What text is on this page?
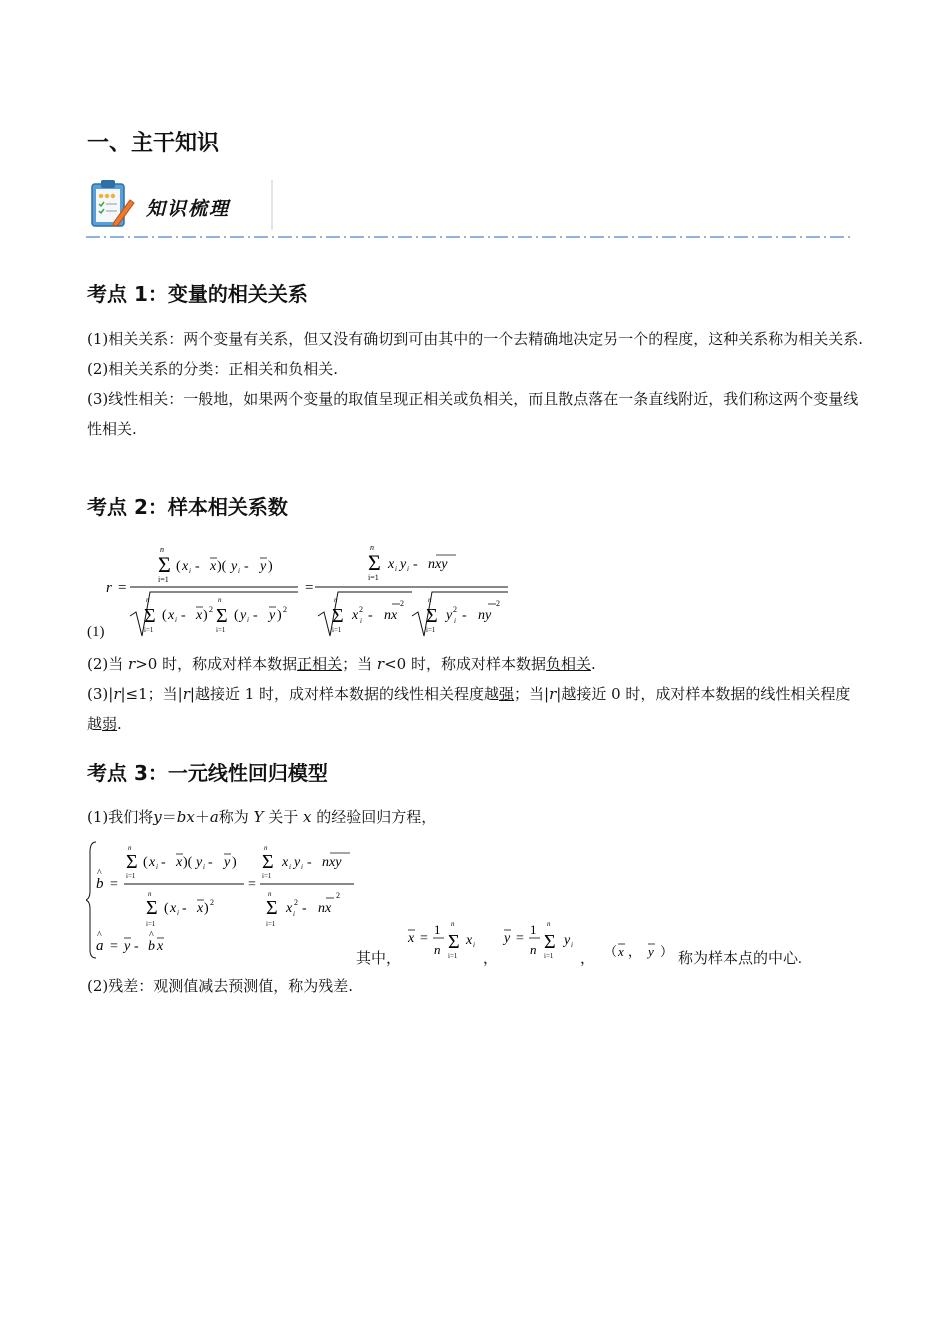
一、主干知识
知识梳理
考点 1：变量的相关关系
(1)相关关系：两个变量有关系，但又没有确切到可由其中的一个去精确地决定另一个的程度，这种关系称为相关关系.
(2)相关关系的分类：正相关和负相关.
(3)线性相关：一般地，如果两个变量的取值呈现正相关或负相关，而且散点落在一条直线附近，我们称这两个变量线性相关.
考点 2：样本相关系数
r =
Σ
n
i=1
( x i - x )( y i - y )
Σ
n
i=1
( x i - x ) 2 Σ
n
i=1
( y i - y ) 2
=
Σ
n
i=1
x i y i - nxy
Σ
n
i=1
x 2
i - nx
2
Σ
n
i=1
y 2
i - ny
2
(1)
(2)当 r>0 时，称成对样本数据正相关；当 r<0 时，称成对样本数据负相关.
(3)|r|≤1；当|r|越接近 1 时，成对样本数据的线性相关程度越强；当|r|越接近 0 时，成对样本数据的线性相关程度越弱.
考点 3：一元线性回归模型
(1)我们将y＝bx＋a称为 Y 关于 x 的经验回归方程，
b
^
=
Σ
n
i=1
( x i - x )( y i - y )
Σ
n
i=1
( x i - x ) 2
=
Σ
n
i=1
x i y i - nxy
Σ
n
i=1
x 2
i - nx
2
a
^
= y - b
^
x
其中，
x =
1
n Σ
n
i=1
x i
，
y =
1
n Σ
n
i=1
y i
， （ x ， y ） 称为样本点的中心.
(2)残差：观测值减去预测值，称为残差.
